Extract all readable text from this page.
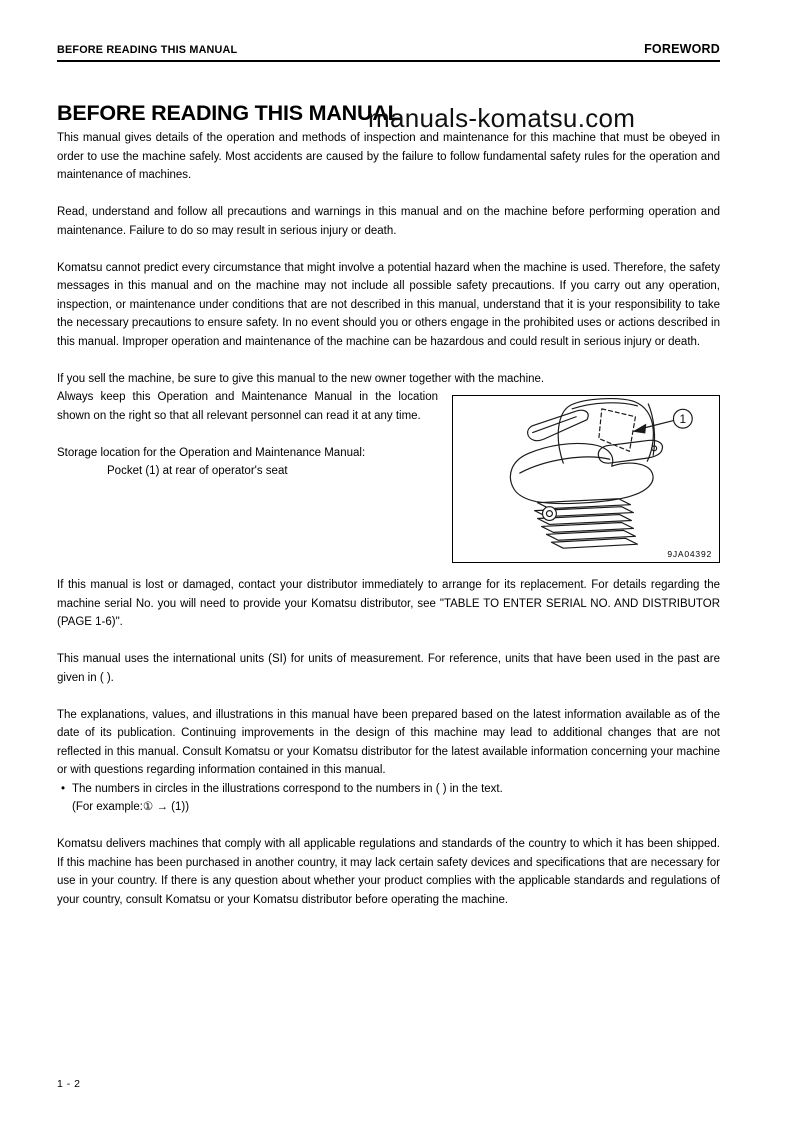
BEFORE READING THIS MANUAL	FOREWORD
manuals-komatsu.com
BEFORE READING THIS MANUAL

This manual gives details of the operation and methods of inspection and maintenance for this machine that must be obeyed in order to use the machine safely. Most accidents are caused by the failure to follow fundamental safety rules for the operation and maintenance of machines.

Read, understand and follow all precautions and warnings in this manual and on the machine before performing operation and maintenance. Failure to do so may result in serious injury or death.

Komatsu cannot predict every circumstance that might involve a potential hazard when the machine is used. Therefore, the safety messages in this manual and on the machine may not include all possible safety precautions. If you carry out any operation, inspection, or maintenance under conditions that are not described in this manual, understand that it is your responsibility to take the necessary precautions to ensure safety. In no event should you or others engage in the prohibited uses or actions described in this manual. Improper operation and maintenance of the machine can be hazardous and could result in serious injury or death.

If you sell the machine, be sure to give this manual to the new owner together with the machine.

1
9JA04392

Always keep this Operation and Maintenance Manual in the location shown on the right so that all relevant personnel can read it at any time.

Storage location for the Operation and Maintenance Manual:

Pocket (1) at rear of operator's seat

If this manual is lost or damaged, contact your distributor immediately to arrange for its replacement. For details regarding the machine serial No. you will need to provide your Komatsu distributor, see "TABLE TO ENTER SERIAL NO. AND DISTRIBUTOR (PAGE 1-6)".

This manual uses the international units (SI) for units of measurement. For reference, units that have been used in the past are given in ( ).

The explanations, values, and illustrations in this manual have been prepared based on the latest information available as of the date of its publication. Continuing improvements in the design of this machine may lead to additional changes that are not reflected in this manual. Consult Komatsu or your Komatsu distributor for the latest available information concerning your machine or with questions regarding information contained in this manual.

• The numbers in circles in the illustrations correspond to the numbers in ( ) in the text.
(For example:① → (1))

Komatsu delivers machines that comply with all applicable regulations and standards of the country to which it has been shipped. If this machine has been purchased in another country, it may lack certain safety devices and specifications that are necessary for use in your country. If there is any question about whether your product complies with the applicable standards and regulations of your country, consult Komatsu or your Komatsu distributor before operating the machine.

1 - 2
